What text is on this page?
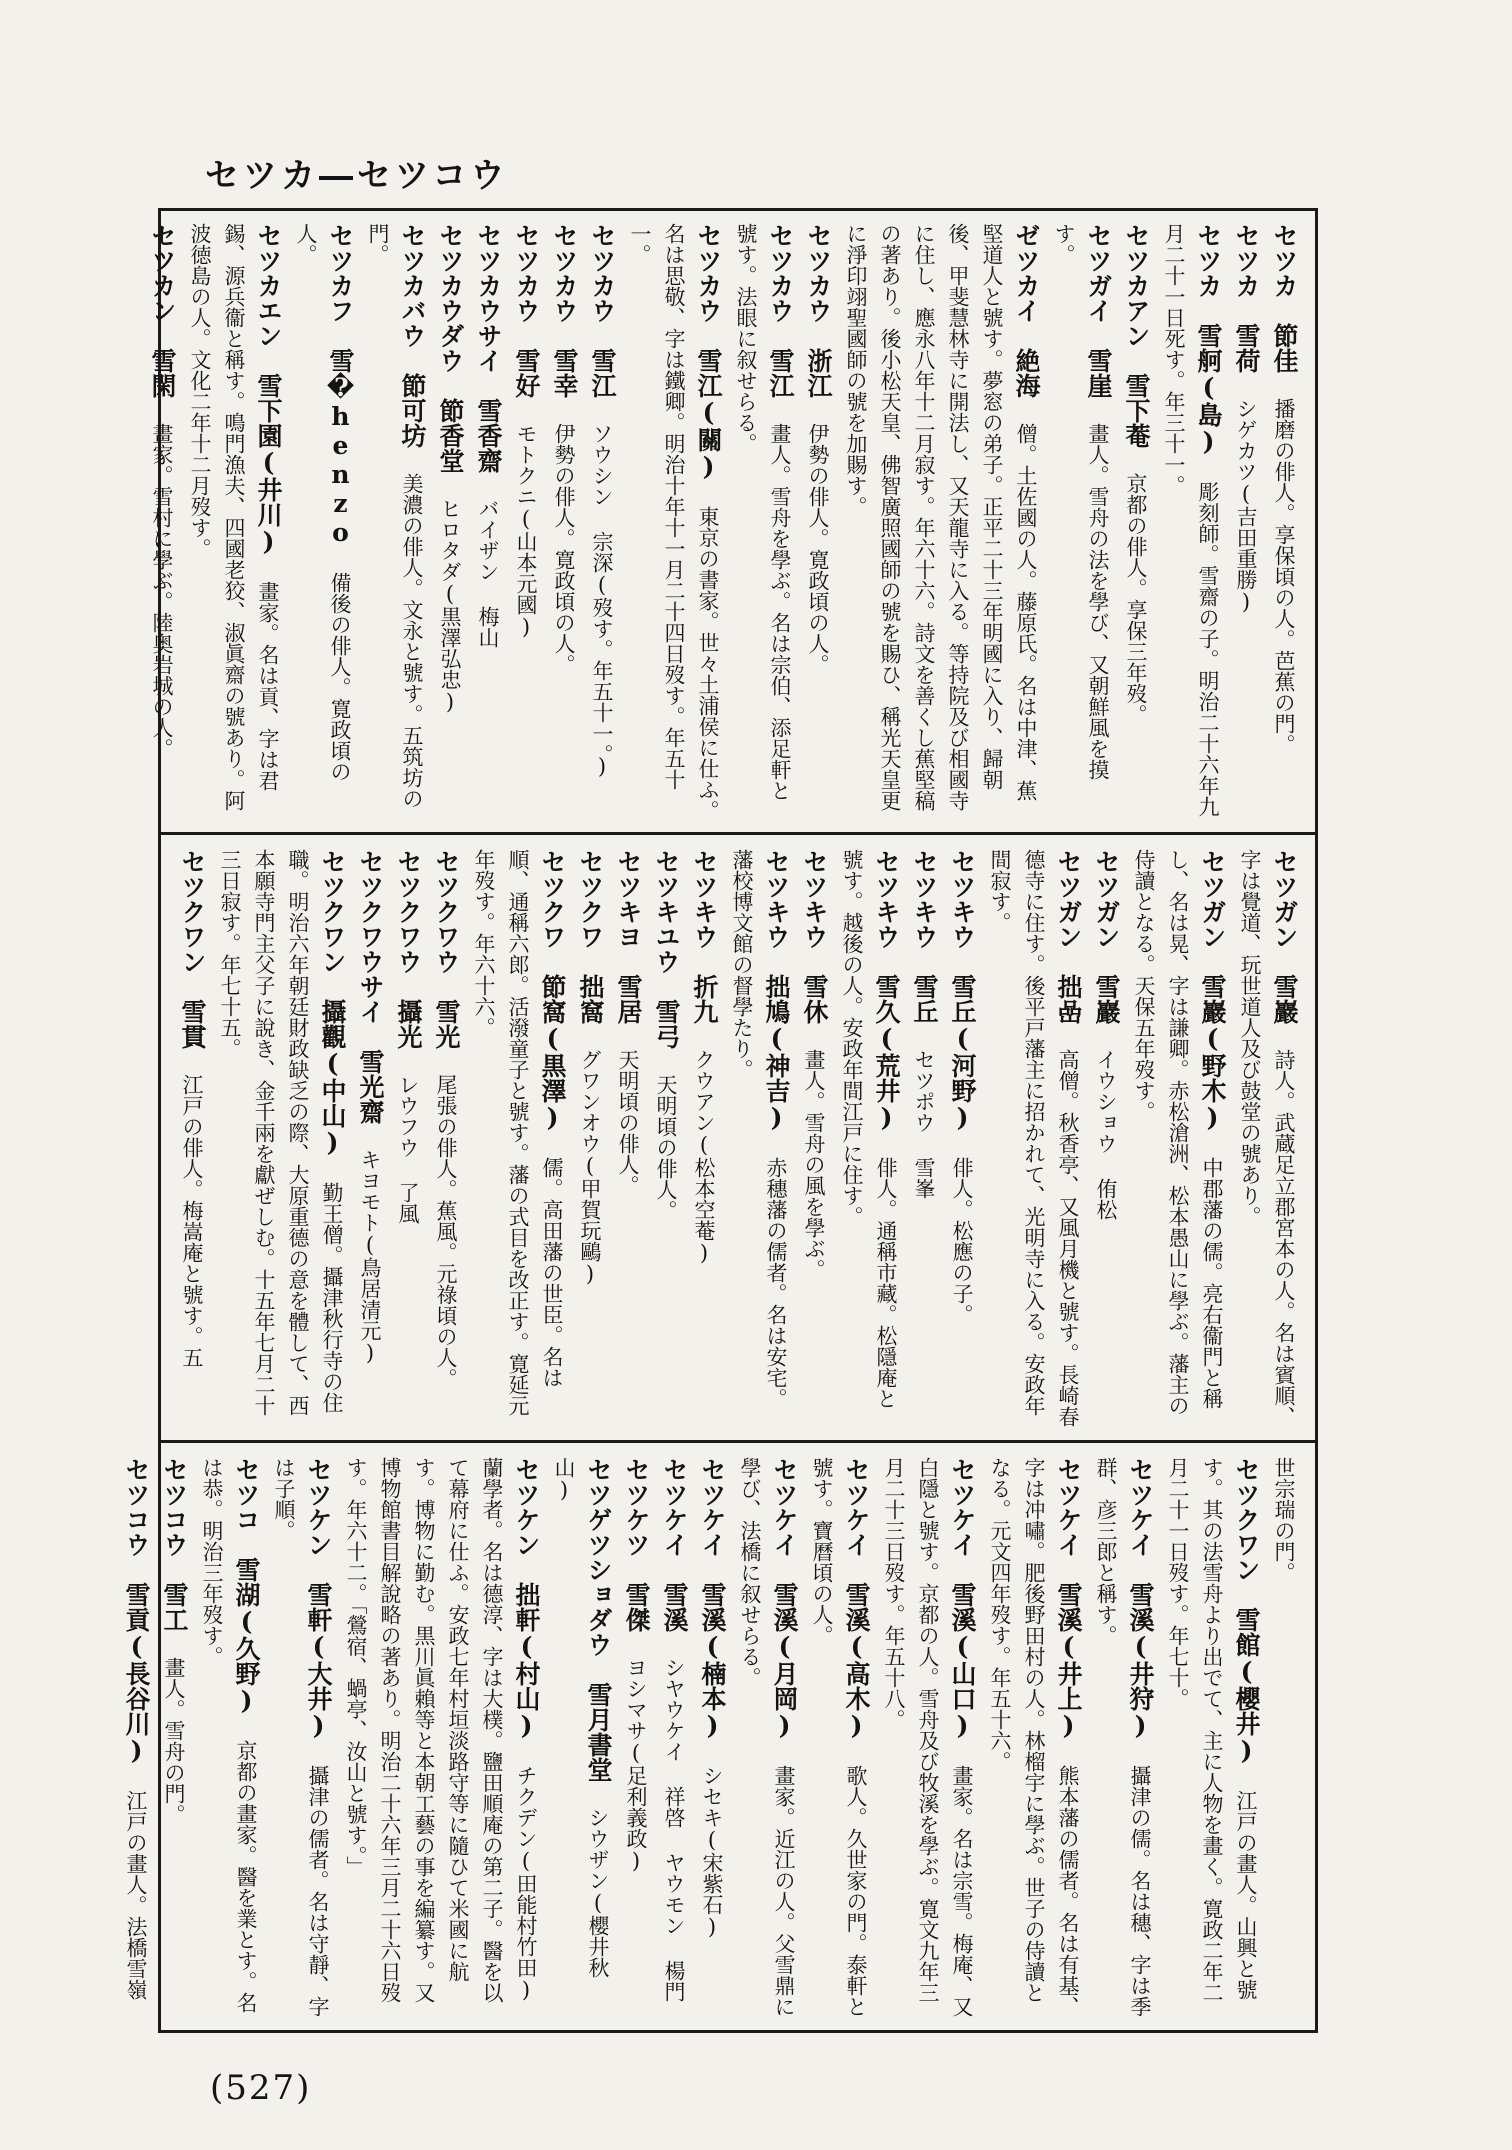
セツカ―セツコウ
セツカ 節佳 播磨の俳人。享保頃の人。芭蕉の門。
セツカ 雪荷 シゲカツ(吉田重勝)
セツカ 雪舸(島) 彫刻師。雪齋の子。明治二十六年九月二十一日死す。年三十一。
セツカアン 雪下菴 京都の俳人。享保三年歿。
セツガイ 雪崖 畫人。雪舟の法を學び、又朝鮮風を摸す。
ゼツカイ 絶海 僧。土佐國の人。藤原氏。名は中津、蕉堅道人と號す。夢窓の弟子。正平二十三年明國に入り、歸朝後、甲斐慧林寺に開法し、又天龍寺に入る。等持院及び相國寺に住し、應永八年十二月寂す。年六十六。詩文を善くし蕉堅稿の著あり。後小松天皇、佛智廣照國師の號を賜ひ、稱光天皇更に淨印翊聖國師の號を加賜す。
セツカウ 浙江 伊勢の俳人。寛政頃の人。
セツカウ 雪江 畫人。雪舟を學ぶ。名は宗伯、添足軒と號す。法眼に叙せらる。
セツカウ 雪江(關) 東京の書家。世々土浦侯に仕ふ。名は思敬、字は鐵卿。明治十年十一月二十四日歿す。年五十一。
セツカウ 雪江 ソウシン 宗深(歿す。年五十一。)
セツカウ 雪幸 伊勢の俳人。寛政頃の人。
セツカウ 雪好 モトクニ(山本元國)
セツカウサイ 雪香齋 バイザン 梅山
セツカウダウ 節香堂 ヒロタダ(黒澤弘忠)
セツカバウ 節可坊 美濃の俳人。文永と號す。五筑坊の門。
セツカフ 雪�henzo 備後の俳人。寛政頃の人。
セツカエン 雪下園(井川) 畫家。名は貢、字は君錫、源兵衞と稱す。鳴門漁夫、四國老狡、淑眞齋の號あり。阿波徳島の人。文化二年十二月歿す。
セツカン 雪閑 畫家。雪村に學ぶ。陸奥岩城の人。
セツガン 雪巖 詩人。武蔵足立郡宮本の人。名は賓順、字は覺道、玩世道人及び鼓堂の號あり。
セツガン 雪巖(野木) 中郡藩の儒。亮右衞門と稱し、名は晃、字は謙卿。赤松滄洲、松本愚山に學ぶ。藩主の侍讀となる。天保五年歿す。
セツガン 雪巖 イウショウ 侑松
セツガン 拙嵒 高僧。秋香亭、又風月機と號す。長崎春德寺に住す。後平戸藩主に招かれて、光明寺に入る。安政年間寂す。
セツキウ 雪丘(河野) 俳人。松應の子。
セツキウ 雪丘 セツポウ 雪峯
セツキウ 雪久(荒井) 俳人。通稱市藏。松隱庵と號す。越後の人。安政年間江戸に住す。
セツキウ 雪休 畫人。雪舟の風を學ぶ。
セツキウ 拙鳩(神吉) 赤穗藩の儒者。名は安宅。藩校博文館の督學たり。
セツキウ 折九 クウアン(松本空菴)
セツキユウ 雪弓 天明頃の俳人。
セツキヨ 雪居 天明頃の俳人。
セツクワ 拙窩 グワンオウ(甲賀玩鷗)
セツクワ 節窩(黒澤) 儒。高田藩の世臣。名は順、通稱六郎。活潑童子と號す。藩の式目を改正す。寛延元年歿す。年六十六。
セツクワウ 雪光 尾張の俳人。蕉風。元祿頃の人。
セツクワウ 攝光 レウフウ 了風
セツクワウサイ 雪光齋 キヨモト(鳥居清元)
セツクワン 攝觀(中山) 勤王僧。攝津秋行寺の住職。明治六年朝廷財政缺乏の際、大原重德の意を體して、西本願寺門主父子に說き、金千兩を獻ぜしむ。十五年七月二十三日寂す。年七十五。
セツクワン 雪貫 江戸の俳人。梅嵩庵と號す。五
世宗瑞の門。
セツクワン 雪館(櫻井) 江戸の畫人。山興と號す。其の法雪舟より出でて、主に人物を畫く。寛政二年二月二十一日歿す。年七十。
セツケイ 雪溪(井狩) 攝津の儒。名は穗、字は季群、彦三郎と稱す。
セツケイ 雪溪(井上) 熊本藩の儒者。名は有基、字は冲嘯。肥後野田村の人。林榴宇に學ぶ。世子の侍讀となる。元文四年歿す。年五十六。
セツケイ 雪溪(山口) 畫家。名は宗雪。梅庵、又白隱と號す。京都の人。雪舟及び牧溪を學ぶ。寛文九年三月二十三日歿す。年五十八。
セツケイ 雪溪(高木) 歌人。久世家の門。泰軒と號す。寶曆頃の人。
セツケイ 雪溪(月岡) 畫家。近江の人。父雪鼎に學び、法橋に叙せらる。
セツケイ 雪溪(楠本) シセキ(宋紫石)
セツケイ 雪溪 シヤウケイ 祥啓 ヤウモン 楊門
セツケツ 雪傑 ヨシマサ(足利義政)
セツゲツショダウ 雪月書堂 シウザン(櫻井秋山)
セツケン 拙軒(村山) チクデン(田能村竹田) 蘭學者。名は德淳、字は大樸。鹽田順庵の第二子。醫を以て幕府に仕ふ。安政七年村垣淡路守等に隨ひて米國に航す。博物に勤む。黒川眞賴等と本朝工藝の事を編纂す。又博物館書目解說略の著あり。明治二十六年三月二十六日歿す。年六十二。「鶯宿、蝸亭、汝山と號す。」
セツケン 雪軒(大井) 攝津の儒者。名は守靜、字は子順。
セツコ 雪湖(久野) 京都の畫家。醫を業とす。名は恭。明治三年歿す。
セツコウ 雪工 畫人。雪舟の門。
セツコウ 雪貢(長谷川) 江戸の畫人。法橋雪嶺
(527)
